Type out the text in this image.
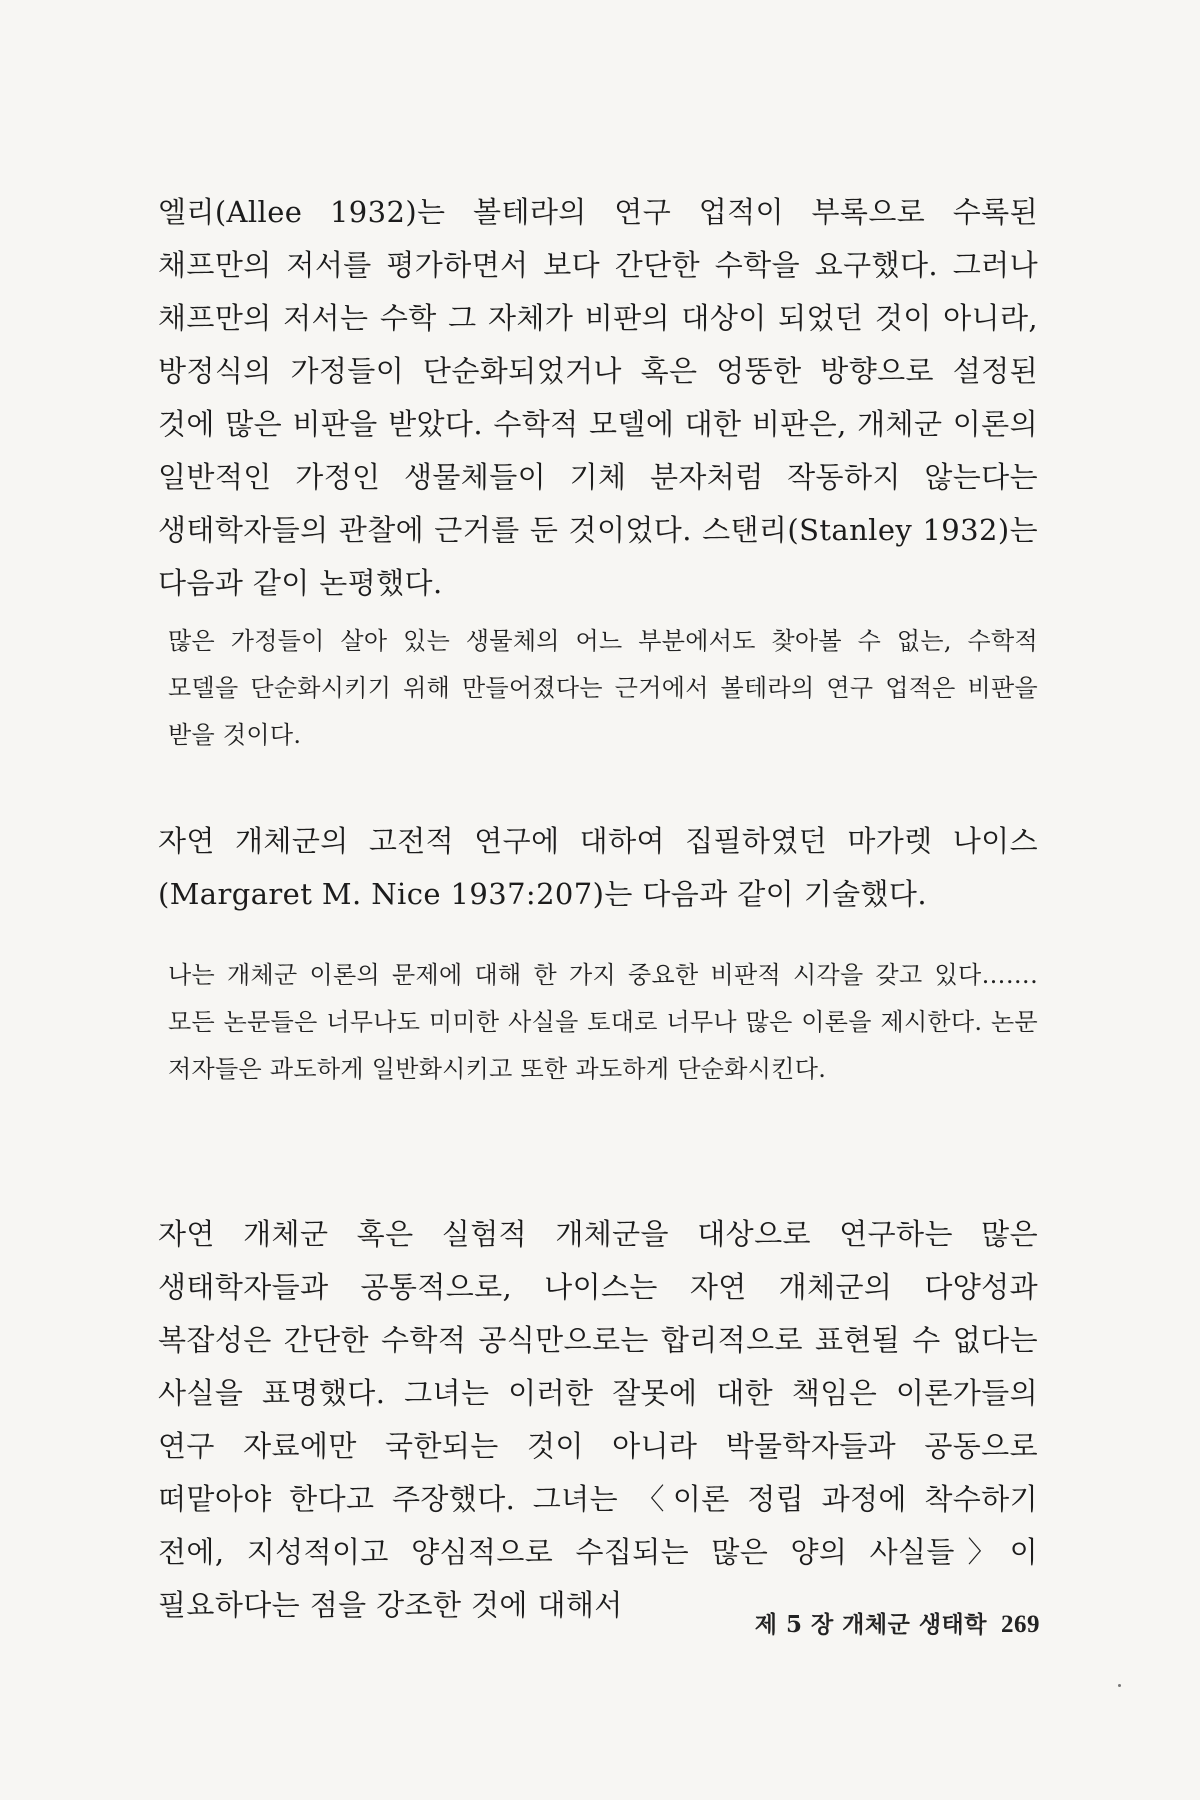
엘리(Allee 1932)는 볼테라의 연구 업적이 부록으로 수록된 채프만의 저서를 평가하면서 보다 간단한 수학을 요구했다. 그러나 채프만의 저서는 수학 그 자체가 비판의 대상이 되었던 것이 아니라, 방정식의 가정들이 단순화되었거나 혹은 엉뚱한 방향으로 설정된 것에 많은 비판을 받았다. 수학적 모델에 대한 비판은, 개체군 이론의 일반적인 가정인 생물체들이 기체 분자처럼 작동하지 않는다는 생태학자들의 관찰에 근거를 둔 것이었다. 스탠리(Stanley 1932)는 다음과 같이 논평했다.

많은 가정들이 살아 있는 생물체의 어느 부분에서도 찾아볼 수 없는, 수학적 모델을 단순화시키기 위해 만들어졌다는 근거에서 볼테라의 연구 업적은 비판을 받을 것이다.

자연 개체군의 고전적 연구에 대하여 집필하였던 마가렛 나이스(Margaret M. Nice 1937:207)는 다음과 같이 기술했다.

나는 개체군 이론의 문제에 대해 한 가지 중요한 비판적 시각을 갖고 있다……. 모든 논문들은 너무나도 미미한 사실을 토대로 너무나 많은 이론을 제시한다. 논문 저자들은 과도하게 일반화시키고 또한 과도하게 단순화시킨다.

자연 개체군 혹은 실험적 개체군을 대상으로 연구하는 많은 생태학자들과 공통적으로, 나이스는 자연 개체군의 다양성과 복잡성은 간단한 수학적 공식만으로는 합리적으로 표현될 수 없다는 사실을 표명했다. 그녀는 이러한 잘못에 대한 책임은 이론가들의 연구 자료에만 국한되는 것이 아니라 박물학자들과 공동으로 떠맡아야 한다고 주장했다. 그녀는 〈이론 정립 과정에 착수하기 전에, 지성적이고 양심적으로 수집되는 많은 양의 사실들〉이 필요하다는 점을 강조한 것에 대해서

제 5 장 개체군 생태학 269
